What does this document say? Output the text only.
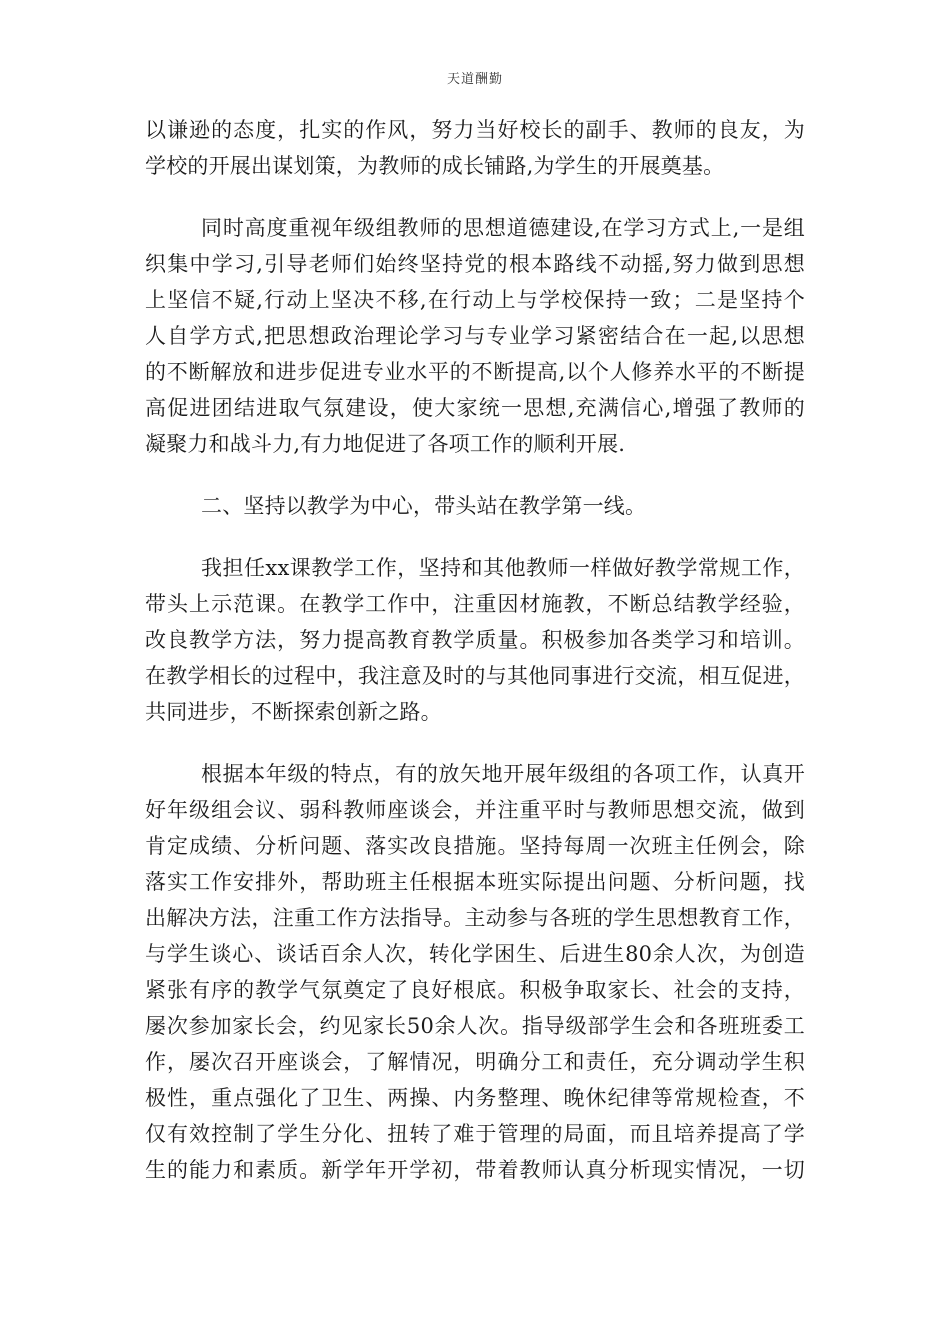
天道酬勤
以谦逊的态度，扎实的作风，努力当好校长的副手、教师的良友，为
学校的开展出谋划策，为教师的成长铺路,为学生的开展奠基。
同时高度重视年级组教师的思想道德建设,在学习方式上,一是组
织集中学习,引导老师们始终坚持党的根本路线不动摇,努力做到思想
上坚信不疑,行动上坚决不移,在行动上与学校保持一致；二是坚持个
人自学方式,把思想政治理论学习与专业学习紧密结合在一起,以思想
的不断解放和进步促进专业水平的不断提高,以个人修养水平的不断提
高促进团结进取气氛建设，使大家统一思想,充满信心,增强了教师的
凝聚力和战斗力,有力地促进了各项工作的顺利开展.
二、坚持以教学为中心，带头站在教学第一线。
我担任xx课教学工作，坚持和其他教师一样做好教学常规工作，
带头上示范课。在教学工作中，注重因材施教，不断总结教学经验，
改良教学方法，努力提高教育教学质量。积极参加各类学习和培训。
在教学相长的过程中，我注意及时的与其他同事进行交流，相互促进，
共同进步，不断探索创新之路。
根据本年级的特点，有的放矢地开展年级组的各项工作，认真开
好年级组会议、弱科教师座谈会，并注重平时与教师思想交流，做到
肯定成绩、分析问题、落实改良措施。坚持每周一次班主任例会，除
落实工作安排外，帮助班主任根据本班实际提出问题、分析问题，找
出解决方法，注重工作方法指导。主动参与各班的学生思想教育工作，
与学生谈心、谈话百余人次，转化学困生、后进生80余人次，为创造
紧张有序的教学气氛奠定了良好根底。积极争取家长、社会的支持，
屡次参加家长会，约见家长50余人次。指导级部学生会和各班班委工
作，屡次召开座谈会，了解情况，明确分工和责任，充分调动学生积
极性，重点强化了卫生、两操、内务整理、晚休纪律等常规检查，不
仅有效控制了学生分化、扭转了难于管理的局面，而且培养提高了学
生的能力和素质。新学年开学初，带着教师认真分析现实情况，一切
